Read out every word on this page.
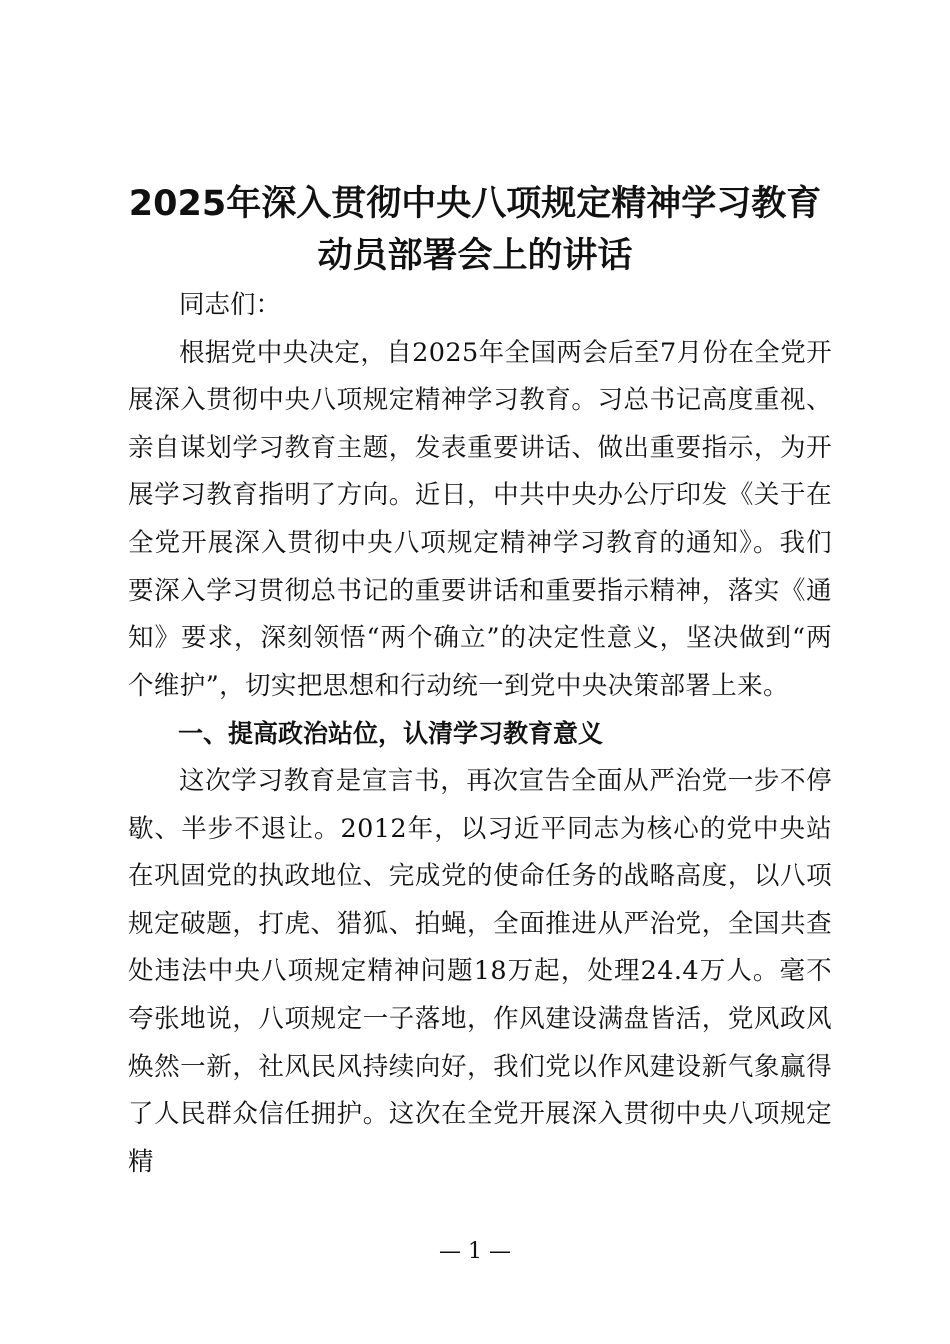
2025年深入贯彻中央八项规定精神学习教育
动员部署会上的讲话

同志们：

根据党中央决定，自2025年全国两会后至7月份在全党开展深入贯彻中央八项规定精神学习教育。习总书记高度重视、亲自谋划学习教育主题，发表重要讲话、做出重要指示，为开展学习教育指明了方向。近日，中共中央办公厅印发《关于在全党开展深入贯彻中央八项规定精神学习教育的通知》。我们要深入学习贯彻总书记的重要讲话和重要指示精神，落实《通知》要求，深刻领悟“两个确立”的决定性意义，坚决做到“两个维护”，切实把思想和行动统一到党中央决策部署上来。

一、提高政治站位，认清学习教育意义

这次学习教育是宣言书，再次宣告全面从严治党一步不停歇、半步不退让。2012年，以习近平同志为核心的党中央站在巩固党的执政地位、完成党的使命任务的战略高度，以八项规定破题，打虎、猎狐、拍蝇，全面推进从严治党，全国共查处违法中央八项规定精神问题18万起，处理24.4万人。毫不夸张地说，八项规定一子落地，作风建设满盘皆活，党风政风焕然一新，社风民风持续向好，我们党以作风建设新气象赢得了人民群众信任拥护。这次在全党开展深入贯彻中央八项规定精

— 1 —
